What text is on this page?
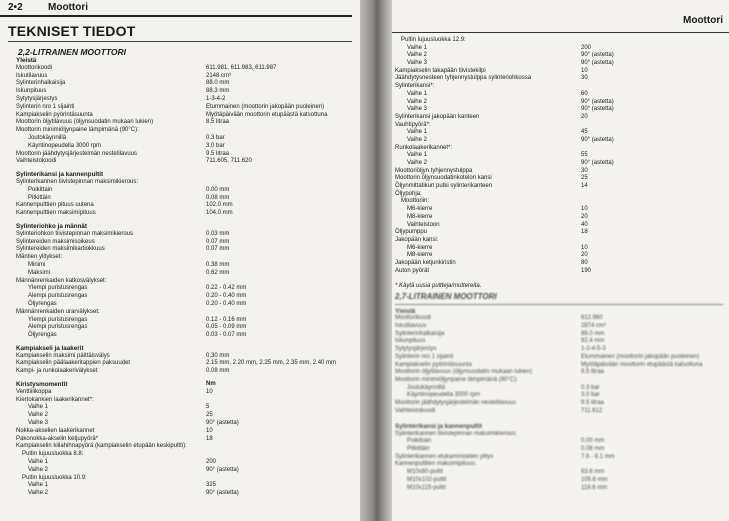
2•2	Moottori
TEKNISET TIEDOT
2,2-LITRAINEN MOOTTORI
Yleistä
Moottorikoodi	611.981, 611.983, 611.987
Iskutilavuus	2148 cm³
Sylinterinhalkaisija	88.0 mm
Iskunpituus	88.3 mm
Sytytysjärjestys	1-3-4-2
Sylinterin nro 1 sijainti	Etummainen (moottorin jakopään puoleinen)
Kampiakselin pyörintäsuunta	Myötäpäivään moottorin etupäästä katsottuna
Moottorin öljytilavuus (öljynsuodatin mukaan lukien)	8.5 litraa
Moottorin minimiöljynpaine lämpimänä (90°C):
Joutokäynnillä	0.3 bar
Käyntinopeudella 3000 rpm	3.0 bar
Moottorin jäähdytysjärjestelmän nestetilavuus	9.5 litraa
Vaihteistokoodi	711.605, 711.620
Sylinterikansi ja kannenpultit
Sylinterikannen tiivistepinnan maksimikierous:
Poikittain	0.00 mm
Pitkittäin	0.08 mm
Kannenpulttien pituus uutena	102.0 mm
Kannenpulttien maksimipituus	104.0 mm
Sylinteriohko ja männät
Sylinteriohkon tiivistepinnan maksimikierous	0.03 mm
Sylintereiden maksimisoikeus	0.07 mm
Sylintereiden maksimikartiokkuus	0.07 mm
Mäntien ylitykset:
Minimi	0.38 mm
Maksimi	0.62 mm
Männänrenkaiden katkosvälykset:
Ylempi puristusrengas	0.22 - 0.42 mm
Alempi puristusrengas	0.20 - 0.40 mm
Öljyrengas	0.20 - 0.40 mm
Männänrenkaiden urarvälykset:
Ylempi puristusrengas	0.12 - 0.16 mm
Alempi puristusrengas	0.05 - 0.09 mm
Öljyrengas	0.03 - 0.07 mm
Kampiakseli ja laakerit
Kampiakselin maksimi päittäisvälys	0.30 mm
Kampiakselin päälaakeritappien paksuudet	2.15 mm, 2.20 mm, 2.25 mm, 2.35 mm, 2.40 mm
Kampi- ja runkolaakerivälykset	0.08 mm
Kiristysmomentit	Nm
Venttiilikoppa	10
Kiertokankien laakerikannet*:
Vaihe 1	5
Vaihe 2	25
Vaihe 3	90° (astetta)
Nokka-akselien laakerikannet	10
Pakonokka-akselin ketjupyörä*	18
Kampiakselin kiilahihnapyörä (kampiakselin etupään keskipultti):
Pultin lujuusluokka 8.8:
Vaihe 1	200
Vaihe 2	90° (astetta)
Pultin lujuusluokka 10.9:
Vaihe 1	325
Vaihe 2	90° (astetta)
Moottori
Pultin lujuusluokka 12.9:
Vaihe 1	200
Vaihe 2	90° (astetta)
Vaihe 3	90° (astetta)
Kampiakselin takapään tiivistekilpi	10
Jäähdytysnesteen tyhjennystulppa sylinteriohkossa	30
Sylinterikansi*:
Vaihe 1	60
Vaihe 2	90° (astetta)
Vaihe 3	90° (astetta)
Sylinterikansi jakopään kanteen	20
Vauhtipyörä*:
Vaihe 1	45
Vaihe 2	90° (astetta)
Runkolaakerikannet*:
Vaihe 1	55
Vaihe 2	90° (astetta)
Moottoriöljyn tyhjennystulppa	30
Moottorin öljynsuodatinkotelon kansi	25
Öljynmittatikun putki sylinterikanteen	14
Öljypohja:
Moottoriin:
M6-kierre	10
M8-kierre	20
Vaihteistoon	40
Öljypumppu	18
Jakopään kansi:
M6-kierre	10
M8-kierre	20
Jakopään ketjunkiristin	80
Auton pyörät	190
* Käytä uusia pultteja/muttereita.
2,7-LITRAINEN MOOTTORI
Yleistä
Moottorikoodi	612.960
Iskutilavuus	2874 cm³
Sylinterinhalkaisija	89.0 mm
Iskunpituus	92.4 mm
Sytytysjärjestys	1-2-4-5-3
Sylinterin nro 1 sijainti	Etummainen (moottorin jakopään puoleinen)
Kampiakselin pyörintäsuunta	Myötäpäivään moottorin etupäästä katsottuna
Moottorin öljytilavuus (öljynsuodatin mukaan lukien)	9.5 litraa
Moottorin minimiöljynpaine lämpimänä (90°C):
Joutokäynnillä	0.3 bar
Käyntinopeudella 3000 rpm	3.0 bar
Moottorin jäähdytysjärjestelmän nestetilavuus	9.5 litraa
Vaihteistokoodi	711.612
Sylinterikansi ja kannenpultit
Sylinterikannen tiivistepinnan maksimikierous:
Poikittain	0.00 mm
Pitkittäin	0.08 mm
Sylinterikannen etukammioiden ylitys	7.6 - 8.1 mm
Kannenpulttien maksimipituus:
M10x80-pultit	83.6 mm
M10x102-pultit	105.6 mm
M10x115-pultit	118.6 mm
